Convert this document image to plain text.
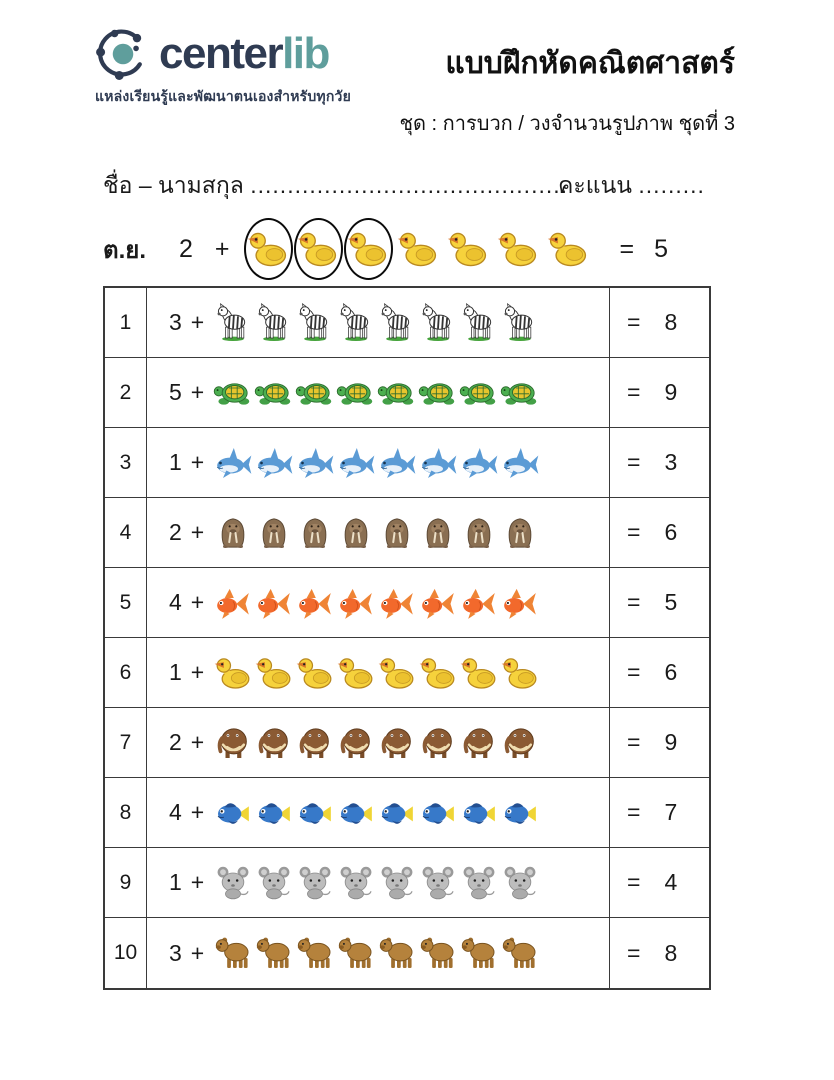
centerlib
แหล่งเรียนรู้และพัฒนาตนเองสำหรับทุกวัย
แบบฝึกหัดคณิตศาสตร์
ชุด : การบวก / วงจำนวนรูปภาพ ชุดที่ 3
ชื่อ – นามสกุล ...........................................
คะแนน .........
ต.ย.	2 +	= 5
1	3 +	= 8
2	5 +	= 9
3	1 +	= 3
4	2 +	= 6
5	4 +	= 5
6	1 +	= 6
7	2 +	= 9
8	4 +	= 7
9	1 +	= 4
10	3 +	= 8
